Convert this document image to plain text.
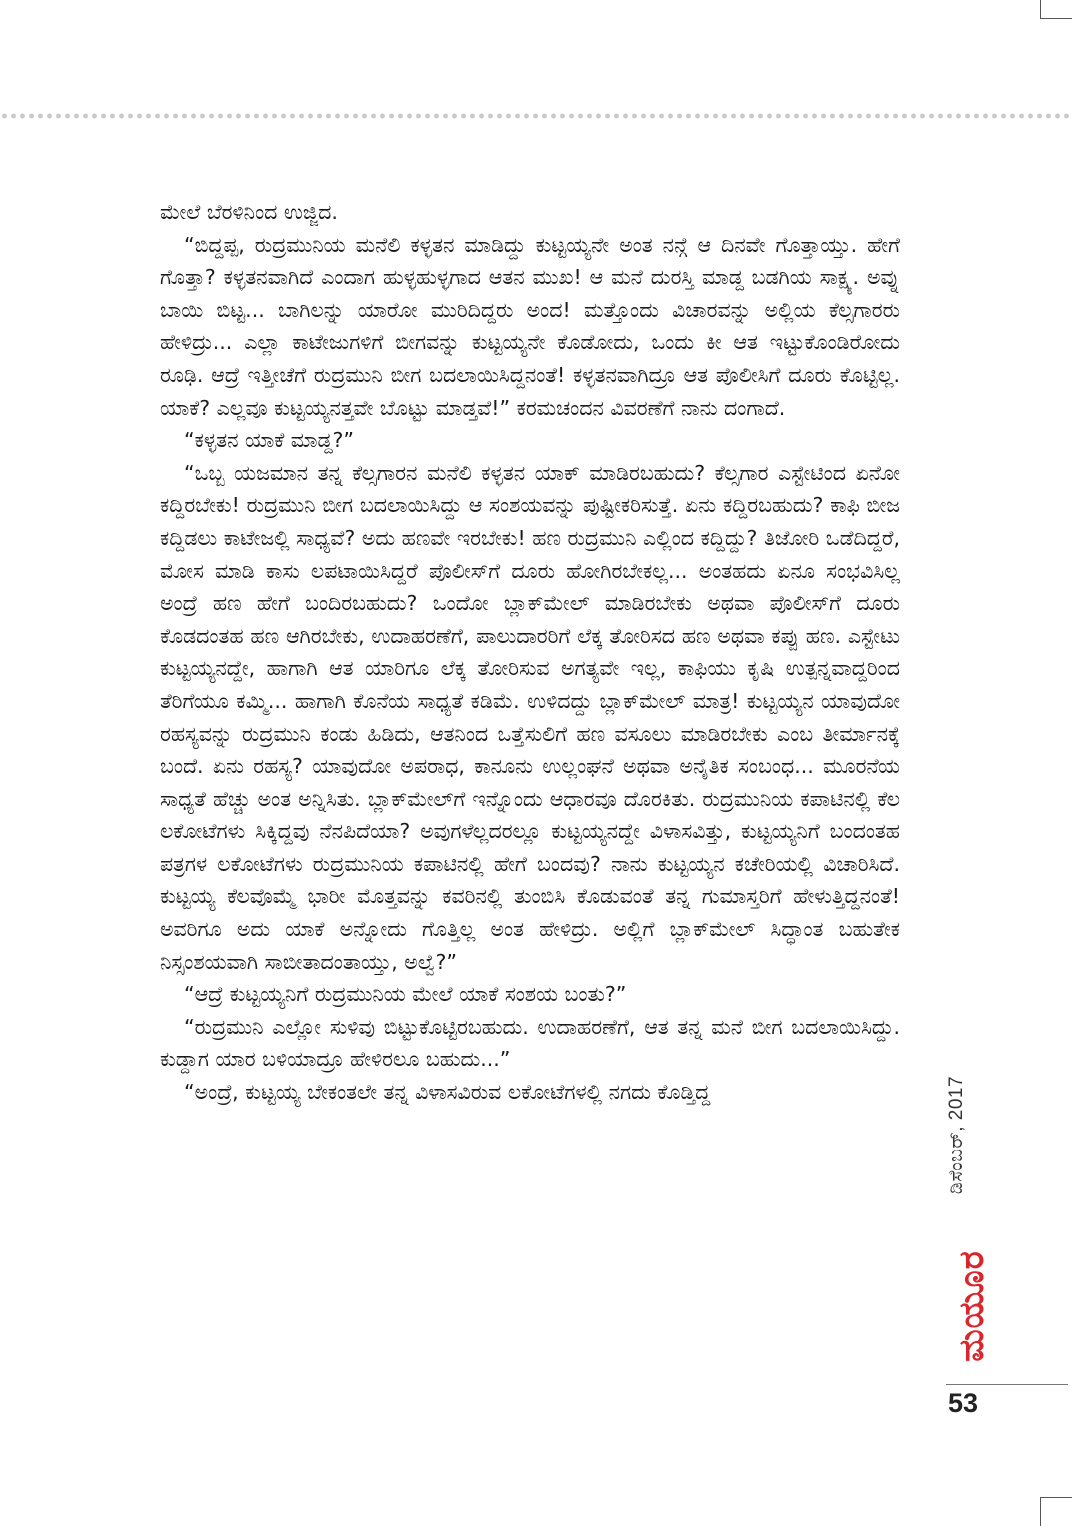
ಮೇಲೆ ಬೆರಳಿನಿಂದ ಉಜ್ಜಿದ.

“ಬಿದ್ದಪ್ಪ, ರುದ್ರಮುನಿಯ ಮನೆಲಿ ಕಳ್ಳತನ ಮಾಡಿದ್ದು ಕುಟ್ಟಯ್ಯನೇ ಅಂತ ನನ್ಗೆ ಆ ದಿನವೇ ಗೊತ್ತಾಯ್ತು. ಹೇಗೆ ಗೊತ್ತಾ? ಕಳ್ಳತನವಾಗಿದೆ ಎಂದಾಗ ಹುಳ್ಳಹುಳ್ಳಗಾದ ಆತನ ಮುಖ! ಆ ಮನೆ ದುರಸ್ತಿ ಮಾಡ್ದ ಬಡಗಿಯ ಸಾಕ್ಷ್ಯ. ಅವ್ನು ಬಾಯಿ ಬಿಟ್ಟ... ಬಾಗಿಲನ್ನು ಯಾರೋ ಮುರಿದಿದ್ದರು ಅಂದ! ಮತ್ತೊಂದು ವಿಚಾರವನ್ನು ಅಲ್ಲಿಯ ಕೆಲ್ಸಗಾರರು ಹೇಳಿದ್ರು... ಎಲ್ಲಾ ಕಾಟೇಜುಗಳಿಗೆ ಬೀಗವನ್ನು ಕುಟ್ಟಯ್ಯನೇ ಕೊಡೋದು, ಒಂದು ಕೀ ಆತ ಇಟ್ಟುಕೊಂಡಿರೋದು ರೂಢಿ. ಆದ್ರೆ ಇತ್ತೀಚೆಗೆ ರುದ್ರಮುನಿ ಬೀಗ ಬದಲಾಯಿಸಿದ್ದನಂತೆ! ಕಳ್ಳತನವಾಗಿದ್ರೂ ಆತ ಪೊಲೀಸಿಗೆ ದೂರು ಕೊಟ್ಟಿಲ್ಲ. ಯಾಕೆ? ಎಲ್ಲವೂ ಕುಟ್ಟಯ್ಯನತ್ತವೇ ಬೊಟ್ಟು ಮಾಡ್ತವೆ!” ಕರಮಚಂದನ ವಿವರಣೆಗೆ ನಾನು ದಂಗಾದೆ.

“ಕಳ್ಳತನ ಯಾಕೆ ಮಾಡ್ದ?”

“ಒಬ್ಬ ಯಜಮಾನ ತನ್ನ ಕೆಲ್ಸಗಾರನ ಮನೆಲಿ ಕಳ್ಳತನ ಯಾಕ್ ಮಾಡಿರಬಹುದು? ಕೆಲ್ಸಗಾರ ಎಸ್ಟೇಟಿಂದ ಏನೋ ಕದ್ದಿರಬೇಕು! ರುದ್ರಮುನಿ ಬೀಗ ಬದಲಾಯಿಸಿದ್ದು ಆ ಸಂಶಯವನ್ನು ಪುಷ್ಟೀಕರಿಸುತ್ತೆ. ಏನು ಕದ್ದಿರಬಹುದು? ಕಾಫಿ ಬೀಜ ಕದ್ದಿಡಲು ಕಾಟೇಜಲ್ಲಿ ಸಾಧ್ಯವೆ? ಅದು ಹಣವೇ ಇರಬೇಕು! ಹಣ ರುದ್ರಮುನಿ ಎಲ್ಲಿಂದ ಕದ್ದಿದ್ದು? ತಿಜೋರಿ ಒಡೆದಿದ್ದರೆ, ಮೋಸ ಮಾಡಿ ಕಾಸು ಲಪಟಾಯಿಸಿದ್ದರೆ ಪೊಲೀಸ್‌ಗೆ ದೂರು ಹೋಗಿರಬೇಕಲ್ಲ... ಅಂತಹದು ಏನೂ ಸಂಭವಿಸಿಲ್ಲ ಅಂದ್ರೆ ಹಣ ಹೇಗೆ ಬಂದಿರಬಹುದು? ಒಂದೋ ಬ್ಲಾಕ್‌ಮೇಲ್ ಮಾಡಿರಬೇಕು ಅಥವಾ ಪೊಲೀಸ್‌ಗೆ ದೂರು ಕೊಡದಂತಹ ಹಣ ಆಗಿರಬೇಕು, ಉದಾಹರಣೆಗೆ, ಪಾಲುದಾರರಿಗೆ ಲೆಕ್ಕ ತೋರಿಸದ ಹಣ ಅಥವಾ ಕಪ್ಪು ಹಣ. ಎಸ್ಟೇಟು ಕುಟ್ಟಯ್ಯನದ್ದೇ, ಹಾಗಾಗಿ ಆತ ಯಾರಿಗೂ ಲೆಕ್ಕ ತೋರಿಸುವ ಅಗತ್ಯವೇ ಇಲ್ಲ, ಕಾಫಿಯು ಕೃಷಿ ಉತ್ಪನ್ನವಾದ್ದರಿಂದ ತೆರಿಗೆಯೂ ಕಮ್ಮಿ... ಹಾಗಾಗಿ ಕೊನೆಯ ಸಾಧ್ಯತೆ ಕಡಿಮೆ. ಉಳಿದದ್ದು ಬ್ಲಾಕ್‌ಮೇಲ್ ಮಾತ್ರ! ಕುಟ್ಟಯ್ಯನ ಯಾವುದೋ ರಹಸ್ಯವನ್ನು ರುದ್ರಮುನಿ ಕಂಡು ಹಿಡಿದು, ಆತನಿಂದ ಒತ್ತೆಸುಲಿಗೆ ಹಣ ವಸೂಲು ಮಾಡಿರಬೇಕು ಎಂಬ ತೀರ್ಮಾನಕ್ಕೆ ಬಂದೆ. ಏನು ರಹಸ್ಯ? ಯಾವುದೋ ಅಪರಾಧ, ಕಾನೂನು ಉಲ್ಲಂಘನೆ ಅಥವಾ ಅನೈತಿಕ ಸಂಬಂಧ... ಮೂರನೆಯ ಸಾಧ್ಯತೆ ಹೆಚ್ಚು ಅಂತ ಅನ್ನಿಸಿತು. ಬ್ಲಾಕ್‌ಮೇಲ್‌ಗೆ ಇನ್ನೊಂದು ಆಧಾರವೂ ದೊರಕಿತು. ರುದ್ರಮುನಿಯ ಕಪಾಟಿನಲ್ಲಿ ಕೆಲ ಲಕೋಟೆಗಳು ಸಿಕ್ಕಿದ್ದವು ನೆನಪಿದೆಯಾ? ಅವುಗಳೆಲ್ಲದರಲ್ಲೂ ಕುಟ್ಟಯ್ಯನದ್ದೇ ವಿಳಾಸವಿತ್ತು, ಕುಟ್ಟಯ್ಯನಿಗೆ ಬಂದಂತಹ ಪತ್ರಗಳ ಲಕೋಟೆಗಳು ರುದ್ರಮುನಿಯ ಕಪಾಟಿನಲ್ಲಿ ಹೇಗೆ ಬಂದವು? ನಾನು ಕುಟ್ಟಯ್ಯನ ಕಚೇರಿಯಲ್ಲಿ ವಿಚಾರಿಸಿದೆ. ಕುಟ್ಟಯ್ಯ ಕೆಲವೊಮ್ಮೆ ಭಾರೀ ಮೊತ್ತವನ್ನು ಕವರಿನಲ್ಲಿ ತುಂಬಿಸಿ ಕೊಡುವಂತೆ ತನ್ನ ಗುಮಾಸ್ತರಿಗೆ ಹೇಳುತ್ತಿದ್ದನಂತೆ! ಅವರಿಗೂ ಅದು ಯಾಕೆ ಅನ್ನೋದು ಗೊತ್ತಿಲ್ಲ ಅಂತ ಹೇಳಿದ್ರು. ಅಲ್ಲಿಗೆ ಬ್ಲಾಕ್‌ಮೇಲ್ ಸಿದ್ಧಾಂತ ಬಹುತೇಕ ನಿಸ್ಸಂಶಯವಾಗಿ ಸಾಬೀತಾದಂತಾಯ್ತು, ಅಲ್ವೆ?”

“ಆದ್ರೆ ಕುಟ್ಟಯ್ಯನಿಗೆ ರುದ್ರಮುನಿಯ ಮೇಲೆ ಯಾಕೆ ಸಂಶಯ ಬಂತು?”

“ರುದ್ರಮುನಿ ಎಲ್ಲೋ ಸುಳಿವು ಬಿಟ್ಟುಕೊಟ್ಟಿರಬಹುದು. ಉದಾಹರಣೆಗೆ, ಆತ ತನ್ನ ಮನೆ ಬೀಗ ಬದಲಾಯಿಸಿದ್ದು. ಕುಡ್ದಾಗ ಯಾರ ಬಳಿಯಾದ್ರೂ ಹೇಳಿರಲೂ ಬಹುದು...”

“ಅಂದ್ರೆ, ಕುಟ್ಟಯ್ಯ ಬೇಕಂತಲೇ ತನ್ನ ವಿಳಾಸವಿರುವ ಲಕೋಟೆಗಳಲ್ಲಿ ನಗದು ಕೊಡ್ತಿದ್ದ	ಡಿಸೆಂಬರ್, 2017
ಮಯೂರ
53
